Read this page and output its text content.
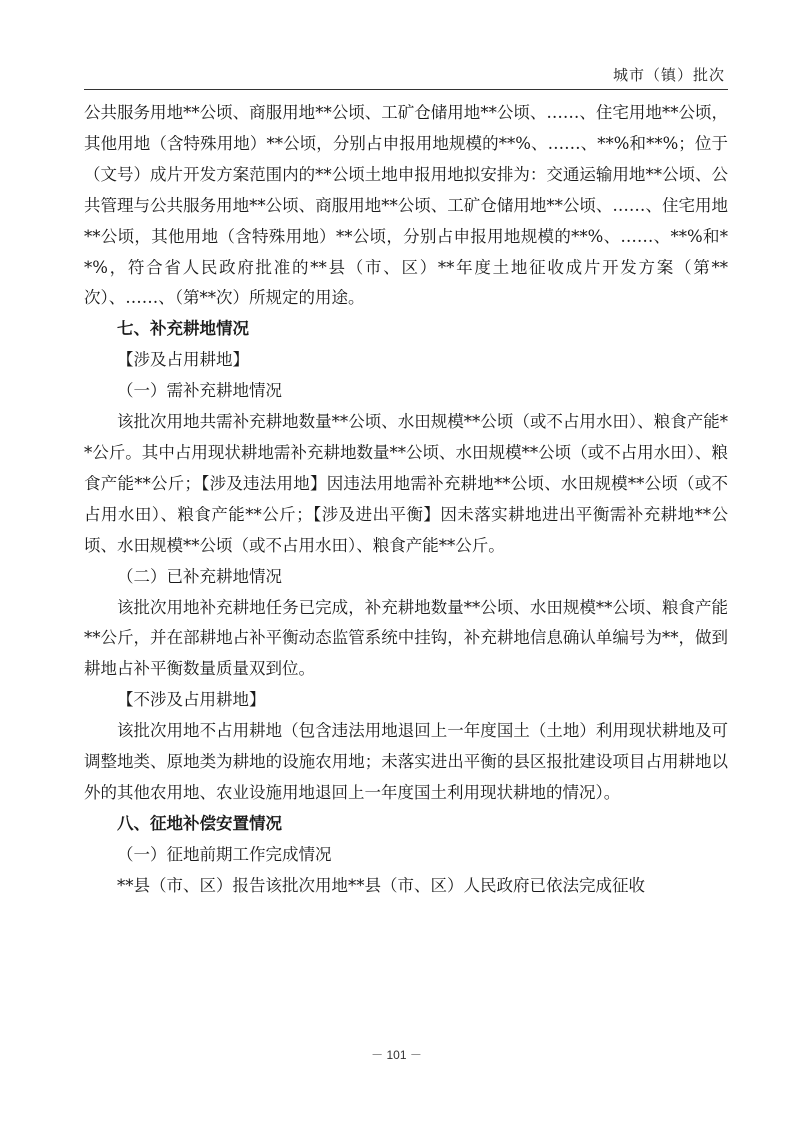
城市（镇）批次

公共服务用地**公顷、商服用地**公顷、工矿仓储用地**公顷、……、住宅用地**公顷，其他用地（含特殊用地）**公顷，分别占申报用地规模的**%、……、**%和**%；位于（文号）成片开发方案范围内的**公顷土地申报用地拟安排为：交通运输用地**公顷、公共管理与公共服务用地**公顷、商服用地**公顷、工矿仓储用地**公顷、……、住宅用地**公顷，其他用地（含特殊用地）**公顷，分别占申报用地规模的**%、……、**%和**%，符合省人民政府批准的**县（市、区）**年度土地征收成片开发方案（第**次）、……、（第**次）所规定的用途。

七、补充耕地情况

【涉及占用耕地】

（一）需补充耕地情况

该批次用地共需补充耕地数量**公顷、水田规模**公顷（或不占用水田）、粮食产能**公斤。其中占用现状耕地需补充耕地数量**公顷、水田规模**公顷（或不占用水田）、粮食产能**公斤；【涉及违法用地】因违法用地需补充耕地**公顷、水田规模**公顷（或不占用水田）、粮食产能**公斤；【涉及进出平衡】因未落实耕地进出平衡需补充耕地**公顷、水田规模**公顷（或不占用水田）、粮食产能**公斤。

（二）已补充耕地情况

该批次用地补充耕地任务已完成，补充耕地数量**公顷、水田规模**公顷、粮食产能**公斤，并在部耕地占补平衡动态监管系统中挂钩，补充耕地信息确认单编号为**，做到耕地占补平衡数量质量双到位。

【不涉及占用耕地】

该批次用地不占用耕地（包含违法用地退回上一年度国土（土地）利用现状耕地及可调整地类、原地类为耕地的设施农用地；未落实进出平衡的县区报批建设项目占用耕地以外的其他农用地、农业设施用地退回上一年度国土利用现状耕地的情况）。

八、征地补偿安置情况

（一）征地前期工作完成情况

**县（市、区）报告该批次用地**县（市、区）人民政府已依法完成征收

－ 101 －
